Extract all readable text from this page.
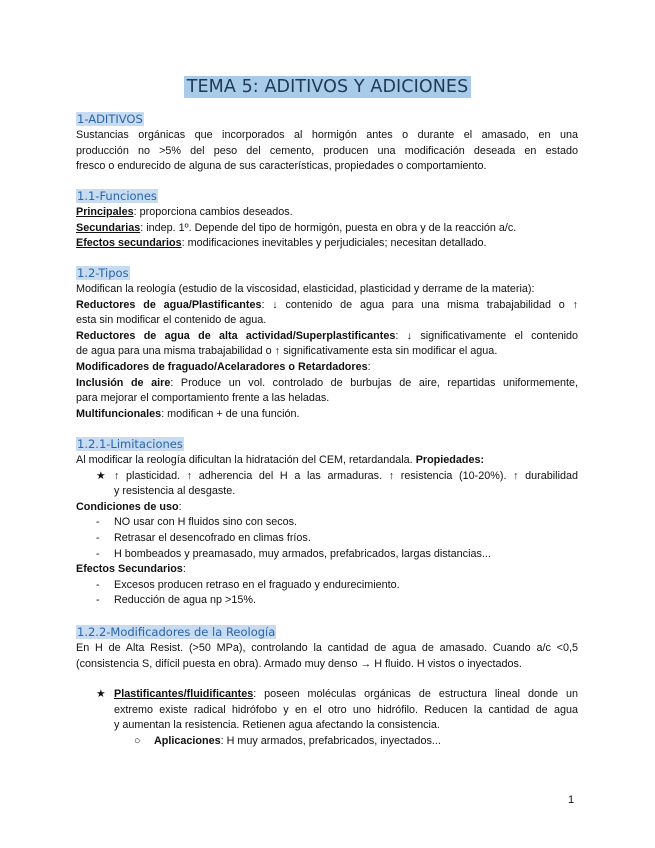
TEMA 5: ADITIVOS Y ADICIONES
1-ADITIVOS

Sustancias orgánicas que incorporados al hormigón antes o durante el amasado, en una

producción no >5% del peso del cemento, producen una modificación deseada en estado

fresco o endurecido de alguna de sus características, propiedades o comportamiento.

1.1-Funciones

Principales: proporciona cambios deseados.

Secundarias: indep. 1º. Depende del tipo de hormigón, puesta en obra y de la reacción a/c.

Efectos secundarios: modificaciones inevitables y perjudiciales; necesitan detallado.

1.2-Tipos

Modifican la reología (estudio de la viscosidad, elasticidad, plasticidad y derrame de la materia):

Reductores de agua/Plastificantes: ↓ contenido de agua para una misma trabajabilidad o ↑

esta sin modificar el contenido de agua.

Reductores de agua de alta actividad/Superplastificantes: ↓ significativamente el contenido

de agua para una misma trabajabilidad o ↑ significativamente esta sin modificar el agua.

Modificadores de fraguado/Acelaradores o Retardadores:

Inclusión de aire: Produce un vol. controlado de burbujas de aire, repartidas uniformemente,

para mejorar el comportamiento frente a las heladas.

Multifuncionales: modifican + de una función.

1.2.1-Limitaciones

Al modificar la reología dificultan la hidratación del CEM, retardandala. Propiedades:

★ ↑ plasticidad. ↑ adherencia del H a las armaduras. ↑ resistencia (10-20%). ↑ durabilidad

y resistencia al desgaste.

Condiciones de uso:

- NO usar con H fluidos sino con secos.
- Retrasar el desencofrado en climas fríos.
- H bombeados y preamasado, muy armados, prefabricados, largas distancias...

Efectos Secundarios:

- Excesos producen retraso en el fraguado y endurecimiento.
- Reducción de agua np >15%.
1.2.2-Modificadores de la Reología

En H de Alta Resist. (>50 MPa), controlando la cantidad de agua de amasado. Cuando a/c <0,5

(consistencia S, difícil puesta en obra). Armado muy denso → H fluido. H vistos o inyectados.

★ Plastificantes/fluidificantes: poseen moléculas orgánicas de estructura lineal donde un

extremo existe radical hidrófobo y en el otro uno hidrófilo. Reducen la cantidad de agua

y aumentan la resistencia. Retienen agua afectando la consistencia.

○ Aplicaciones: H muy armados, prefabricados, inyectados...
1
